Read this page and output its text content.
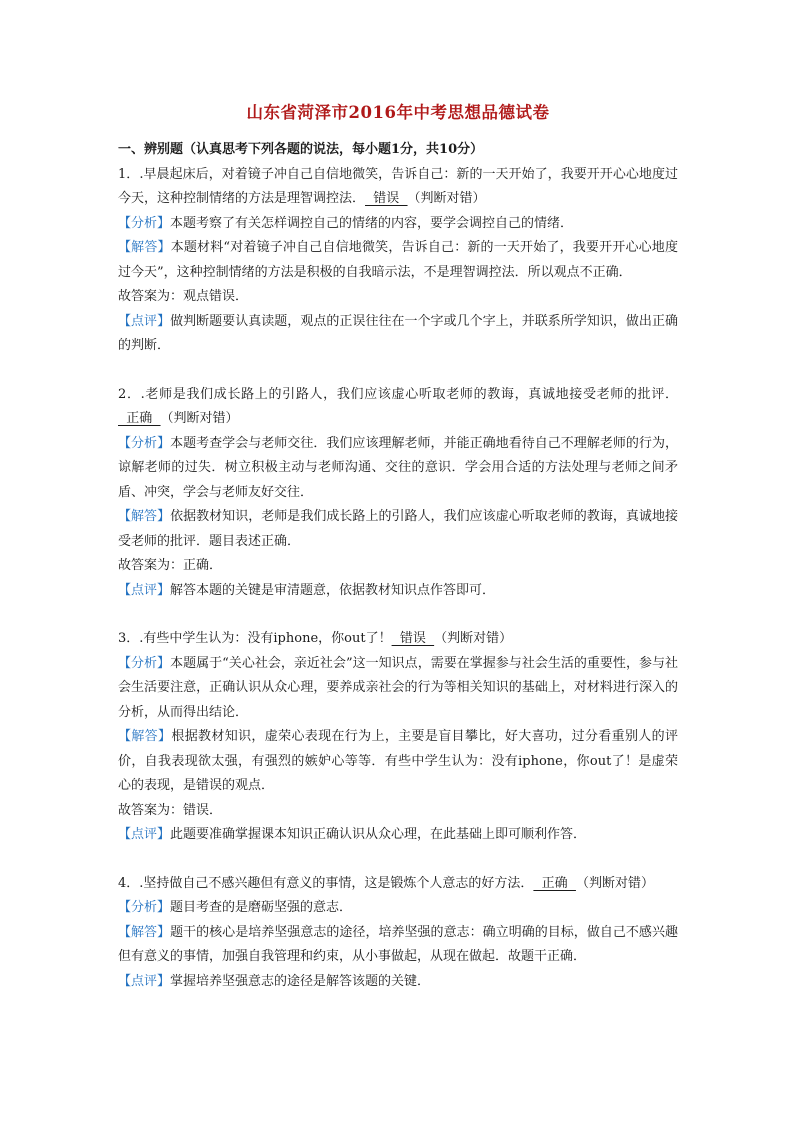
山东省菏泽市2016年中考思想品德试卷
一、辨别题（认真思考下列各题的说法，每小题1分，共10分）
1．.早晨起床后，对着镜子冲自己自信地微笑，告诉自己：新的一天开始了，我要开开心心地度过今天，这种控制情绪的方法是理智调控法．  错误  （判断对错）
【分析】本题考察了有关怎样调控自己的情绪的内容，要学会调控自己的情绪．
【解答】本题材料“对着镜子冲自己自信地微笑，告诉自己：新的一天开始了，我要开开心心地度过今天”，这种控制情绪的方法是积极的自我暗示法，不是理智调控法．所以观点不正确．
故答案为：观点错误．
【点评】做判断题要认真读题，观点的正误往往在一个字或几个字上，并联系所学知识，做出正确的判断．
2．.老师是我们成长路上的引路人，我们应该虚心听取老师的教诲，真诚地接受老师的批评．  正确  （判断对错）
【分析】本题考查学会与老师交往．我们应该理解老师，并能正确地看待自己不理解老师的行为，谅解老师的过失．树立积极主动与老师沟通、交往的意识．学会用合适的方法处理与老师之间矛盾、冲突，学会与老师友好交往．
【解答】依据教材知识，老师是我们成长路上的引路人，我们应该虚心听取老师的教诲，真诚地接受老师的批评．题目表述正确．
故答案为：正确．
【点评】解答本题的关键是审清题意，依据教材知识点作答即可．
3．.有些中学生认为：没有iphone，你out了！  错误  （判断对错）
【分析】本题属于“关心社会，亲近社会”这一知识点，需要在掌握参与社会生活的重要性，参与社会生活要注意，正确认识从众心理，要养成亲社会的行为等相关知识的基础上，对材料进行深入的分析，从而得出结论．
【解答】根据教材知识，虚荣心表现在行为上，主要是盲目攀比，好大喜功，过分看重别人的评价，自我表现欲太强，有强烈的嫉妒心等等．有些中学生认为：没有iphone，你out了！是虚荣心的表现，是错误的观点．
故答案为：错误．
【点评】此题要准确掌握课本知识正确认识从众心理，在此基础上即可顺利作答．
4．.坚持做自己不感兴趣但有意义的事情，这是锻炼个人意志的好方法．  正确  （判断对错）
【分析】题目考查的是磨砺坚强的意志．
【解答】题干的核心是培养坚强意志的途径，培养坚强的意志：确立明确的目标，做自己不感兴趣但有意义的事情，加强自我管理和约束，从小事做起，从现在做起．故题干正确．
【点评】掌握培养坚强意志的途径是解答该题的关键．
